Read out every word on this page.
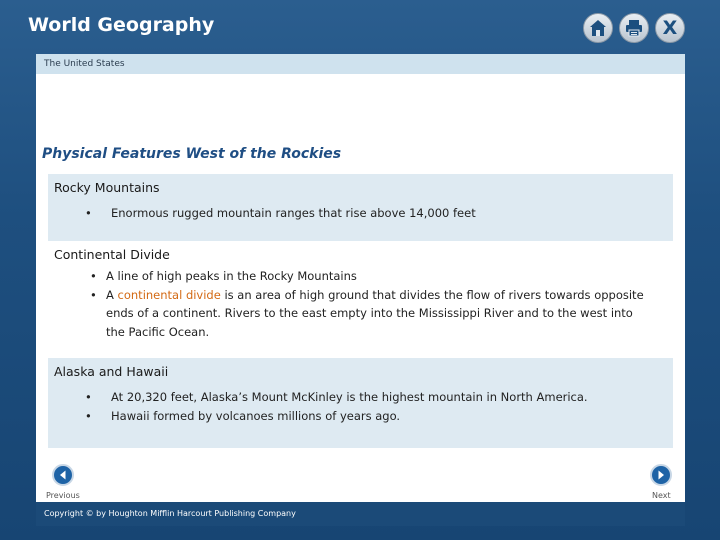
World Geography	X
The United States
Physical Features West of the Rockies
Rocky Mountains
• Enormous rugged mountain ranges that rise above 14,000 feet
Continental Divide
• A line of high peaks in the Rocky Mountains
• A continental divide is an area of high ground that divides the flow of rivers towards opposite ends of a continent. Rivers to the east empty into the Mississippi River and to the west into the Pacific Ocean.
Alaska and Hawaii
• At 20,320 feet, Alaska’s Mount McKinley is the highest mountain in North America.
• Hawaii formed by volcanoes millions of years ago.
Previous	Next
Copyright © by Houghton Mifflin Harcourt Publishing Company
